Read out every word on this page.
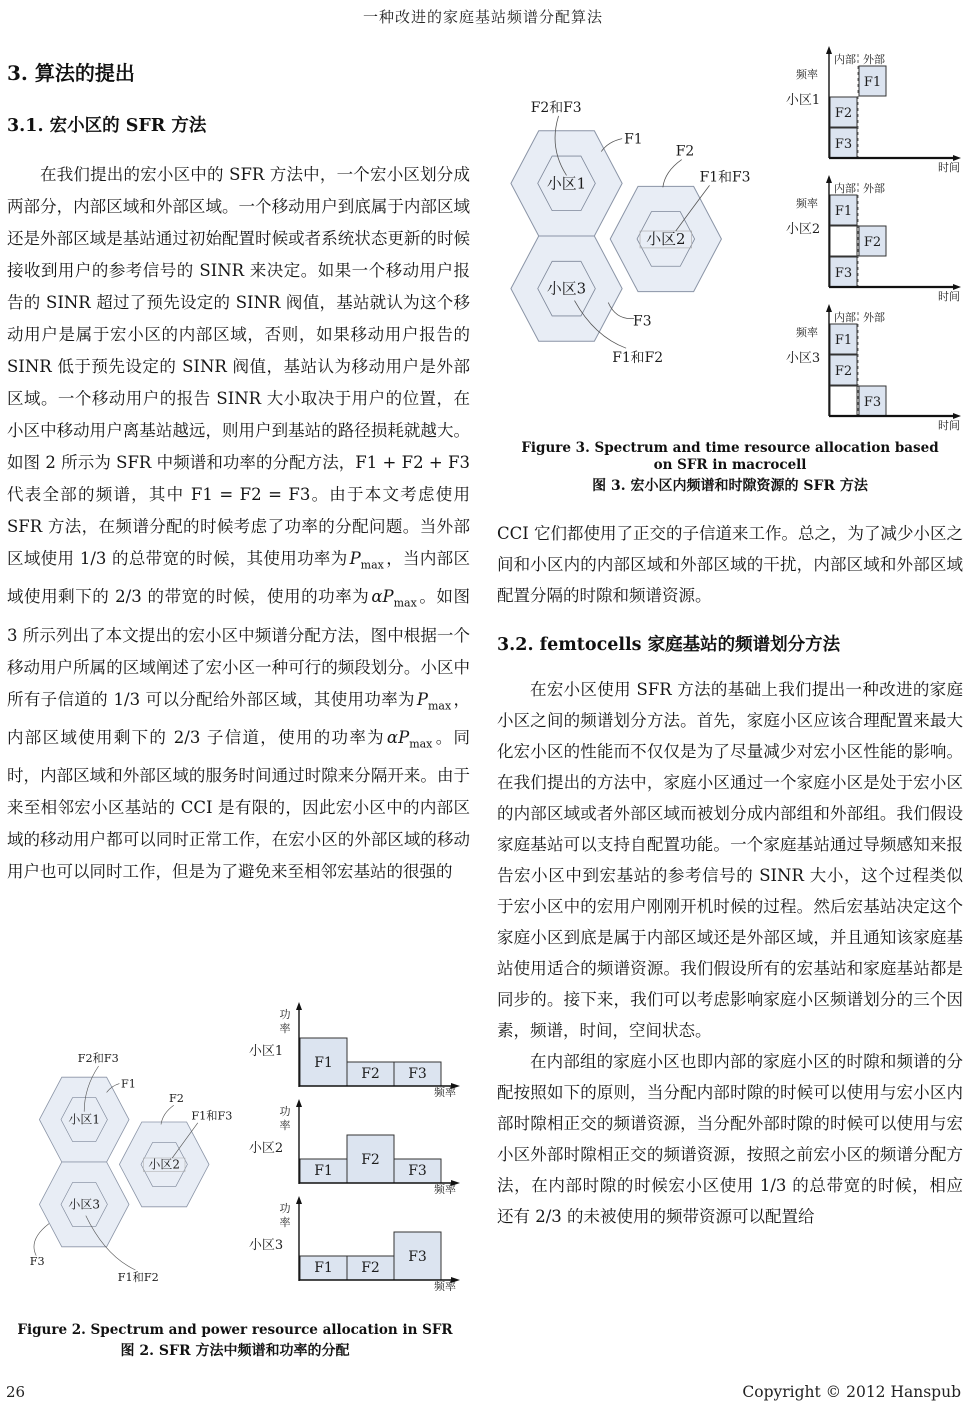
一种改进的家庭基站频谱分配算法
3. 算法的提出
3.1. 宏小区的 SFR 方法

在我们提出的宏小区中的 SFR 方法中，一个宏小区划分成两部分，内部区域和外部区域。一个移动用户到底属于内部区域还是外部区域是基站通过初始配置时候或者系统状态更新的时候接收到用户的参考信号的 SINR 来决定。如果一个移动用户报告的 SINR 超过了预先设定的 SINR 阀值，基站就认为这个移动用户是属于宏小区的内部区域，否则，如果移动用户报告的 SINR 低于预先设定的 SINR 阀值，基站认为移动用户是外部区域。一个移动用户的报告 SINR 大小取决于用户的位置，在小区中移动用户离基站越远，则用户到基站的路径损耗就越大。如图 2 所示为 SFR 中频谱和功率的分配方法，F1 + F2 + F3 代表全部的频谱，其中 F1 = F2 = F3。由于本文考虑使用 SFR 方法，在频谱分配的时候考虑了功率的分配问题。当外部区域使用 1/3 的总带宽的时候，其使用功率为 $P_{max}$ ，当内部区域使用剩下的 2/3 的带宽的时候，使用的功率为 $\alpha P_{max}$ 。如图 3 所示列出了本文提出的宏小区中频谱分配方法，图中根据一个移动用户所属的区域阐述了宏小区一种可行的频段划分。小区中所有子信道的 1/3 可以分配给外部区域，其使用功率为 $P_{max}$ ，内部区域使用剩下的 2/3 子信道，使用的功率为 $\alpha P_{max}$ 。同时，内部区域和外部区域的服务时间通过时隙来分隔开来。由于来至相邻宏小区基站的 CCI 是有限的，因此宏小区中的内部区域的移动用户都可以同时正常工作，在宏小区的外部区域的移动用户也可以同时工作，但是为了避免来至相邻宏基站的很强的

F2和F3
F1
F2
F1和F3
F3
F1和F2
功
率
小区1
F1
F2 F3
频率
功
率
小区2
F1
F2
F3
频率
功
率
小区3
F1 F2
F3
频率
Figure 2. Spectrum and power resource allocation in SFR
图 2. SFR 方法中频谱和功率的分配
F2和F3
F1
F2
F1和F3
F3
F1和F2
内部 外部
频率
小区1
F1
F2
F3
时间
内部 外部
频率
小区2
F1
F2
F3
时间
内部 外部
频率
小区3
F1
F2
F3
时间
Figure 3. Spectrum and time resource allocation based on SFR in macrocell
图 3. 宏小区内频谱和时隙资源的 SFR 方法

CCI 它们都使用了正交的子信道来工作。总之，为了减少小区之间和小区内的内部区域和外部区域的干扰，内部区域和外部区域配置分隔的时隙和频谱资源。

3.2. femtocells 家庭基站的频谱划分方法

在宏小区使用 SFR 方法的基础上我们提出一种改进的家庭小区之间的频谱划分方法。首先，家庭小区应该合理配置来最大化宏小区的性能而不仅仅是为了尽量减少对宏小区性能的影响。在我们提出的方法中，家庭小区通过一个家庭小区是处于宏小区的内部区域或者外部区域而被划分成内部组和外部组。我们假设家庭基站可以支持自配置功能。一个家庭基站通过导频感知来报告宏小区中到宏基站的参考信号的 SINR 大小，这个过程类似于宏小区中的宏用户刚刚开机时候的过程。然后宏基站决定这个家庭小区到底是属于内部区域还是外部区域，并且通知该家庭基站使用适合的频谱资源。我们假设所有的宏基站和家庭基站都是同步的。接下来，我们可以考虑影响家庭小区频谱划分的三个因素，频谱，时间，空间状态。

在内部组的家庭小区也即内部的家庭小区的时隙和频谱的分配按照如下的原则，当分配内部时隙的时候可以使用与宏小区内部时隙相正交的频谱资源，当分配外部时隙的时候可以使用与宏小区外部时隙相正交的频谱资源，按照之前宏小区的频谱分配方法，在内部时隙的时候宏小区使用 1/3 的总带宽的时候，相应还有 2/3 的未被使用的频带资源可以配置给

26	Copyright © 2012 Hanspub
